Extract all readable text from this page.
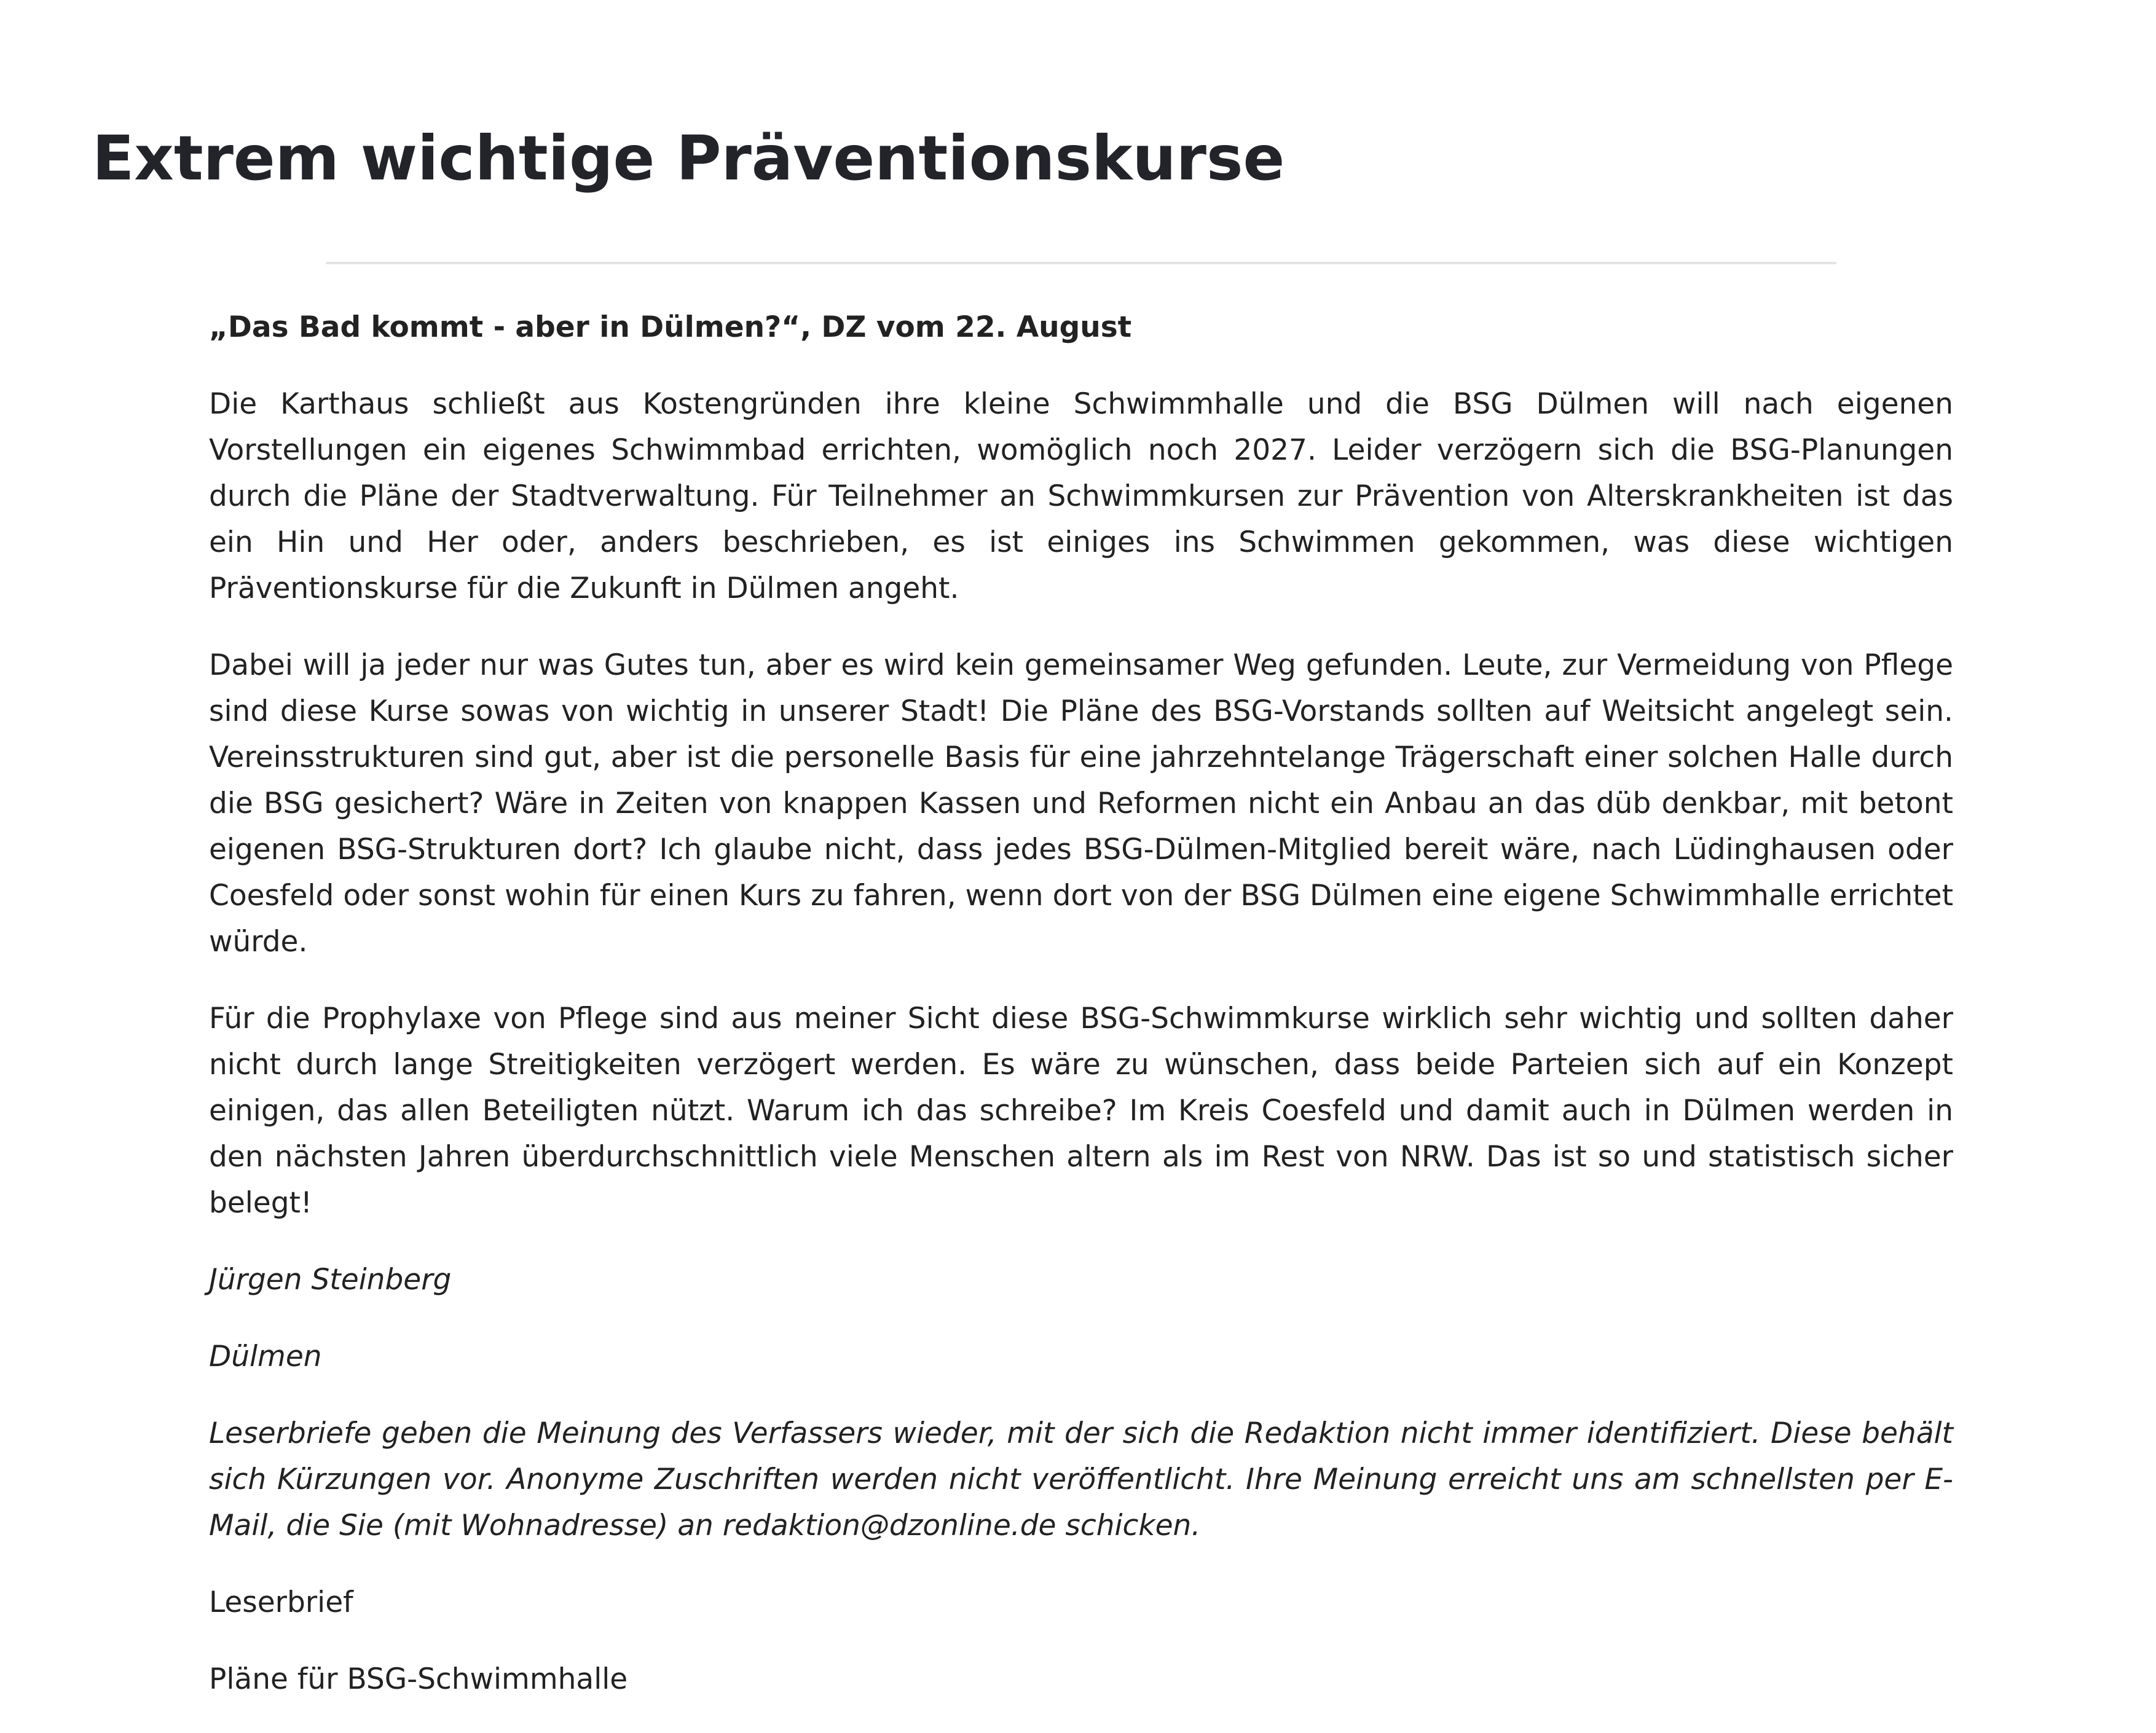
Extrem wichtige Präventionskurse

„Das Bad kommt - aber in Dülmen?“, DZ vom 22. August

Die Karthaus schließt aus Kostengründen ihre kleine Schwimmhalle und die BSG Dülmen will nach eigenen Vorstellungen ein eigenes Schwimmbad errichten, womöglich noch 2027. Leider verzögern sich die BSG-Planungen durch die Pläne der Stadtverwaltung. Für Teilnehmer an Schwimmkursen zur Prävention von Alterskrankheiten ist das ein Hin und Her oder, anders beschrieben, es ist einiges ins Schwimmen gekommen, was diese wichtigen Präventionskurse für die Zukunft in Dülmen angeht.

Dabei will ja jeder nur was Gutes tun, aber es wird kein gemeinsamer Weg gefunden. Leute, zur Vermeidung von Pflege sind diese Kurse sowas von wichtig in unserer Stadt! Die Pläne des BSG-Vorstands sollten auf Weitsicht angelegt sein. Vereinsstrukturen sind gut, aber ist die personelle Basis für eine jahrzehntelange Trägerschaft einer solchen Halle durch die BSG gesichert? Wäre in Zeiten von knappen Kassen und Reformen nicht ein Anbau an das düb denkbar, mit betont eigenen BSG-Strukturen dort? Ich glaube nicht, dass jedes BSG-Dülmen-Mitglied bereit wäre, nach Lüdinghausen oder Coesfeld oder sonst wohin für einen Kurs zu fahren, wenn dort von der BSG Dülmen eine eigene Schwimmhalle errichtet würde.

Für die Prophylaxe von Pflege sind aus meiner Sicht diese BSG-Schwimmkurse wirklich sehr wichtig und sollten daher nicht durch lange Streitigkeiten verzögert werden. Es wäre zu wünschen, dass beide Parteien sich auf ein Konzept einigen, das allen Beteiligten nützt. Warum ich das schreibe? Im Kreis Coesfeld und damit auch in Dülmen werden in den nächsten Jahren überdurchschnittlich viele Menschen altern als im Rest von NRW. Das ist so und statistisch sicher belegt!

Jürgen Steinberg

Dülmen

Leserbriefe geben die Meinung des Verfassers wieder, mit der sich die Redaktion nicht immer identifiziert. Diese behält sich Kürzungen vor. Anonyme Zuschriften werden nicht veröffentlicht. Ihre Meinung erreicht uns am schnellsten per E-Mail, die Sie (mit Wohnadresse) an redaktion@dzonline.de schicken.

Leserbrief

Pläne für BSG-Schwimmhalle
